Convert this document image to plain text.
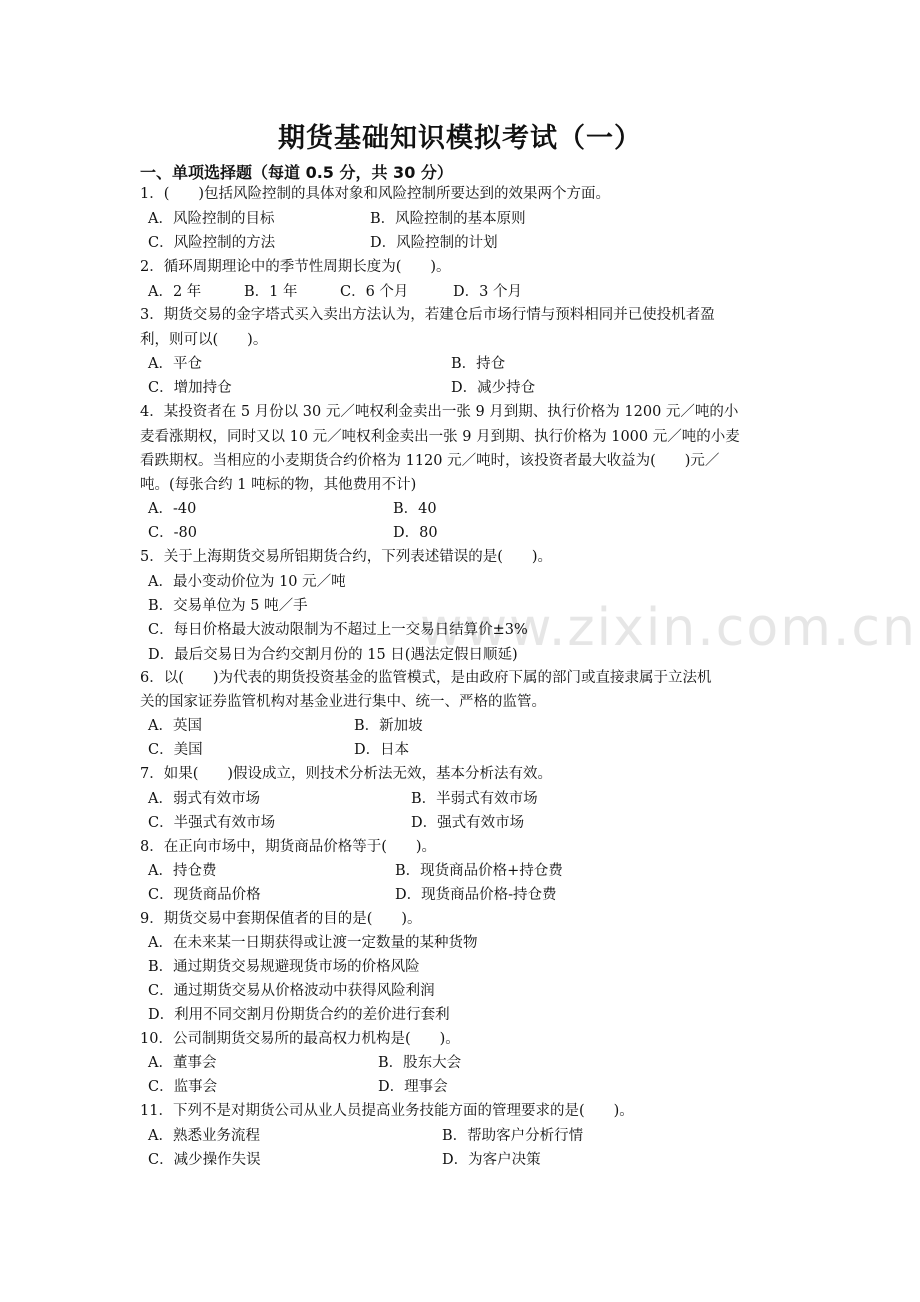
www.zixin.com.cn
期货基础知识模拟考试（一）
一、单项选择题（每道 0.5 分，共 30 分）
1．(　　)包括风险控制的具体对象和风险控制所要达到的效果两个方面。
A．风险控制的目标	B．风险控制的基本原则
C．风险控制的方法	D．风险控制的计划
2．循环周期理论中的季节性周期长度为(　　)。
A．2 年	B．1 年	C．6 个月	D．3 个月
3．期货交易的金字塔式买入卖出方法认为，若建仓后市场行情与预料相同并已使投机者盈
利，则可以(　　)。
A．平仓	B．持仓
C．增加持仓	D．减少持仓
4．某投资者在 5 月份以 30 元／吨权利金卖出一张 9 月到期、执行价格为 1200 元／吨的小
麦看涨期权，同时又以 10 元／吨权利金卖出一张 9 月到期、执行价格为 1000 元／吨的小麦
看跌期权。当相应的小麦期货合约价格为 1120 元／吨时，该投资者最大收益为(　　)元／
吨。(每张合约 1 吨标的物，其他费用不计)
A．-40	B．40
C．-80	D．80
5．关于上海期货交易所铝期货合约，下列表述错误的是(　　)。
A．最小变动价位为 10 元／吨
B．交易单位为 5 吨／手
C．每日价格最大波动限制为不超过上一交易日结算价±3%
D．最后交易日为合约交割月份的 15 日(遇法定假日顺延)
6．以(　　)为代表的期货投资基金的监管模式，是由政府下属的部门或直接隶属于立法机
关的国家证券监管机构对基金业进行集中、统一、严格的监管。
A．英国	B．新加坡
C．美国	D．日本
7．如果(　　)假设成立，则技术分析法无效，基本分析法有效。
A．弱式有效市场	B．半弱式有效市场
C．半强式有效市场	D．强式有效市场
8．在正向市场中，期货商品价格等于(　　)。
A．持仓费	B．现货商品价格+持仓费
C．现货商品价格	D．现货商品价格-持仓费
9．期货交易中套期保值者的目的是(　　)。
A．在未来某一日期获得或让渡一定数量的某种货物
B．通过期货交易规避现货市场的价格风险
C．通过期货交易从价格波动中获得风险利润
D．利用不同交割月份期货合约的差价进行套利
10．公司制期货交易所的最高权力机构是(　　)。
A．董事会	B．股东大会
C．监事会	D．理事会
11．下列不是对期货公司从业人员提高业务技能方面的管理要求的是(　　)。
A．熟悉业务流程	B．帮助客户分析行情
C．减少操作失误	D．为客户决策
